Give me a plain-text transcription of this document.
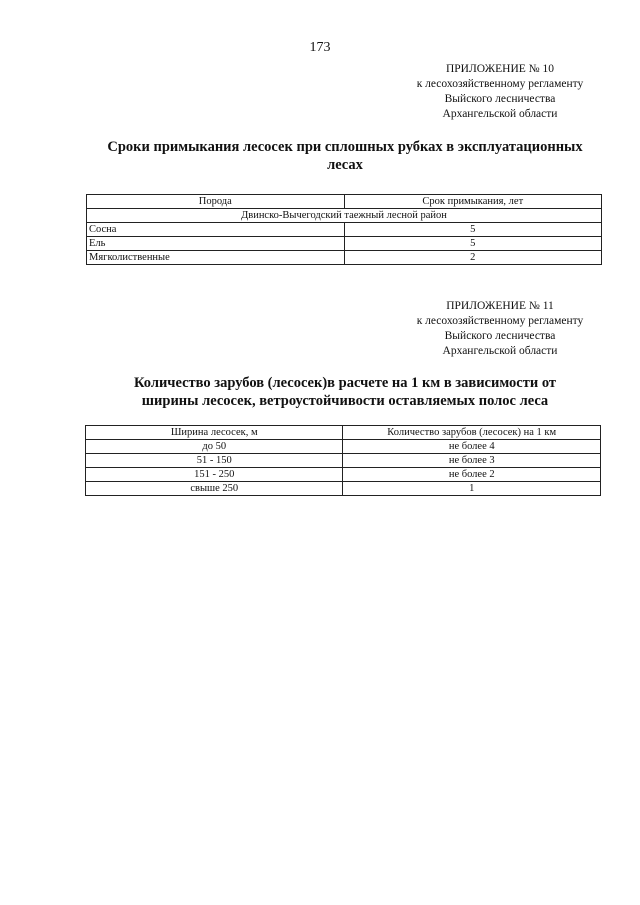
173
ПРИЛОЖЕНИЕ № 10
к лесохозяйственному регламенту
Выйского лесничества
Архангельской области
Сроки примыкания лесосек при сплошных рубках в эксплуатационных
лесах
Порода	Срок примыкания, лет
Двинско-Вычегодский таежный лесной район	
Сосна	5
Ель	5
Мягколиственные	2
ПРИЛОЖЕНИЕ № 11
к лесохозяйственному регламенту
Выйского лесничества
Архангельской области
Количество зарубов (лесосек)в расчете на 1 км в зависимости от
ширины лесосек, ветроустойчивости оставляемых полос леса
Ширина лесосек, м	Количество зарубов (лесосек) на 1 км
до 50	не более 4
51 - 150	не более 3
151 - 250	не более 2
свыше 250	1
